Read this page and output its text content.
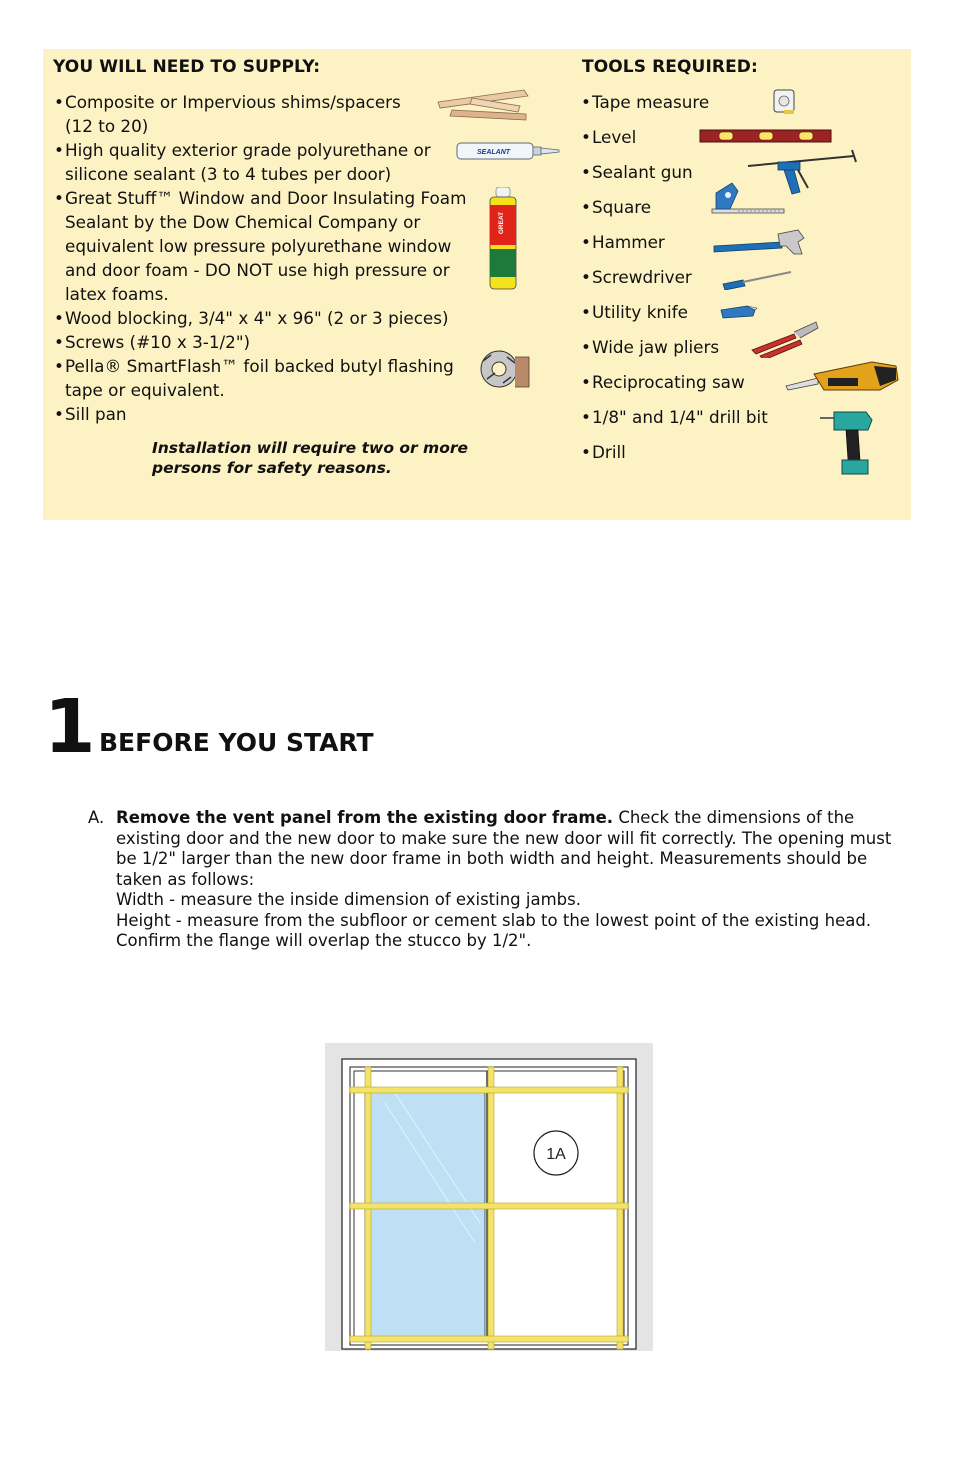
YOU WILL NEED TO SUPPLY:
• Composite or Impervious shims/spacers (12 to 20)
• High quality exterior grade polyurethane or silicone sealant (3 to 4 tubes per door)
• Great Stuff™ Window and Door Insulating Foam Sealant by the Dow Chemical Company or equivalent low pressure polyurethane window and door foam - DO NOT use high pressure or latex foams.
• Wood blocking, 3/4" x 4" x 96" (2 or 3 pieces)
• Screws (#10 x 3-1/2")
• Pella® SmartFlash™ foil backed butyl flashing tape or equivalent.
• Sill pan
Installation will require two or more persons for safety reasons.
TOOLS REQUIRED:
• Tape measure
• Level
• Sealant gun
• Square
• Hammer
• Screwdriver
• Utility knife
• Wide jaw pliers
• Reciprocating saw
• 1/8" and 1/4" drill bit
• Drill
SEALANT
GREAT
1 BEFORE YOU START
A. Remove the vent panel from the existing door frame. Check the dimensions of the existing door and the new door to make sure the new door will fit correctly. The opening must be 1/2" larger than the new door frame in both width and height. Measurements should be taken as follows:
Width - measure the inside dimension of existing jambs.
Height - measure from the subfloor or cement slab to the lowest point of the existing head.
Confirm the flange will overlap the stucco by 1/2".
1A
